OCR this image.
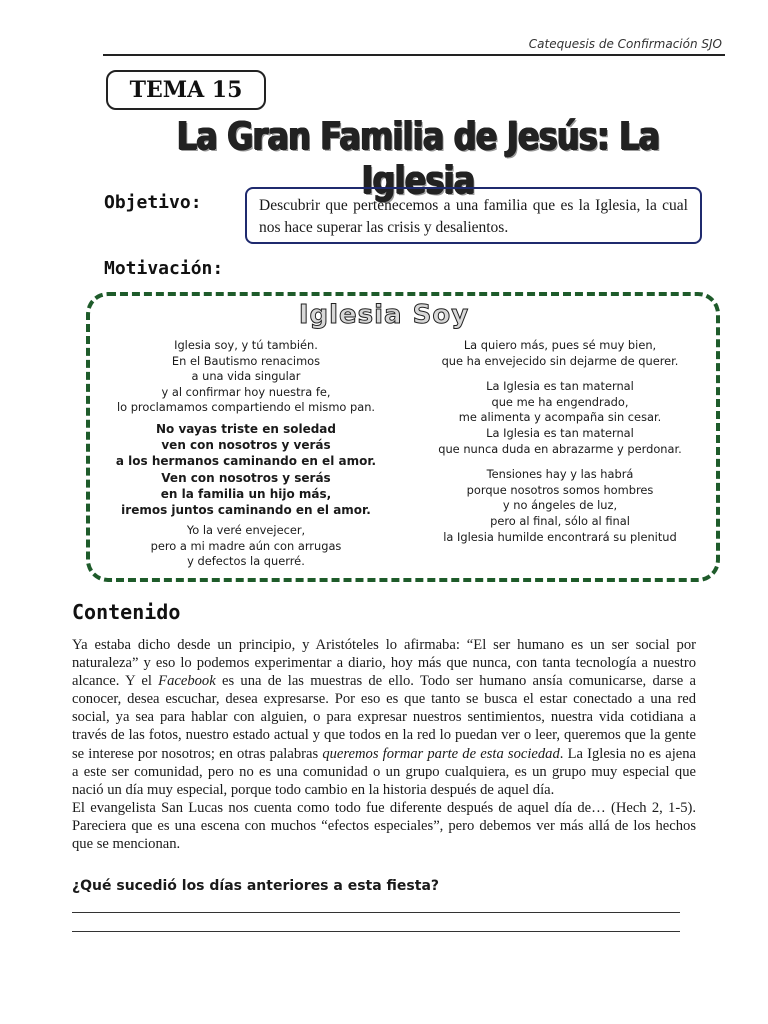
Catequesis de Confirmación SJO
TEMA 15
La Gran Familia de Jesús: La Iglesia
Objetivo:	Descubrir que pertenecemos a una familia que es la Iglesia, la cual nos hace superar las crisis y desalientos.
Motivación:
Iglesia Soy
Iglesia soy, y tú también.
En el Bautismo renacimos
a una vida singular
y al confirmar hoy nuestra fe,
lo proclamamos compartiendo el mismo pan.
No vayas triste en soledad
ven con nosotros y verás
a los hermanos caminando en el amor.
Ven con nosotros y serás
en la familia un hijo más,
iremos juntos caminando en el amor.
Yo la veré envejecer,
pero a mi madre aún con arrugas
y defectos la querré.
La quiero más, pues sé muy bien,
que ha envejecido sin dejarme de querer.
La Iglesia es tan maternal
que me ha engendrado,
me alimenta y acompaña sin cesar.
La Iglesia es tan maternal
que nunca duda en abrazarme y perdonar.
Tensiones hay y las habrá
porque nosotros somos hombres
y no ángeles de luz,
pero al final, sólo al final
la Iglesia humilde encontrará su plenitud
Contenido

Ya estaba dicho desde un principio, y Aristóteles lo afirmaba: “El ser humano es un ser social por naturaleza” y eso lo podemos experimentar a diario, hoy más que nunca, con tanta tecnología a nuestro alcance. Y el Facebook es una de las muestras de ello. Todo ser humano ansía comunicarse, darse a conocer, desea escuchar, desea expresarse. Por eso es que tanto se busca el estar conectado a una red social, ya sea para hablar con alguien, o para expresar nuestros sentimientos, nuestra vida cotidiana a través de las fotos, nuestro estado actual y que todos en la red lo puedan ver o leer, queremos que la gente se interese por nosotros; en otras palabras queremos formar parte de esta sociedad. La Iglesia no es ajena a este ser comunidad, pero no es una comunidad o un grupo cualquiera, es un grupo muy especial que nació un día muy especial, porque todo cambio en la historia después de aquel día.

El evangelista San Lucas nos cuenta como todo fue diferente después de aquel día de… (Hech 2, 1-5). Pareciera que es una escena con muchos “efectos especiales”, pero debemos ver más allá de los hechos que se mencionan.

¿Qué sucedió los días anteriores a esta fiesta?
